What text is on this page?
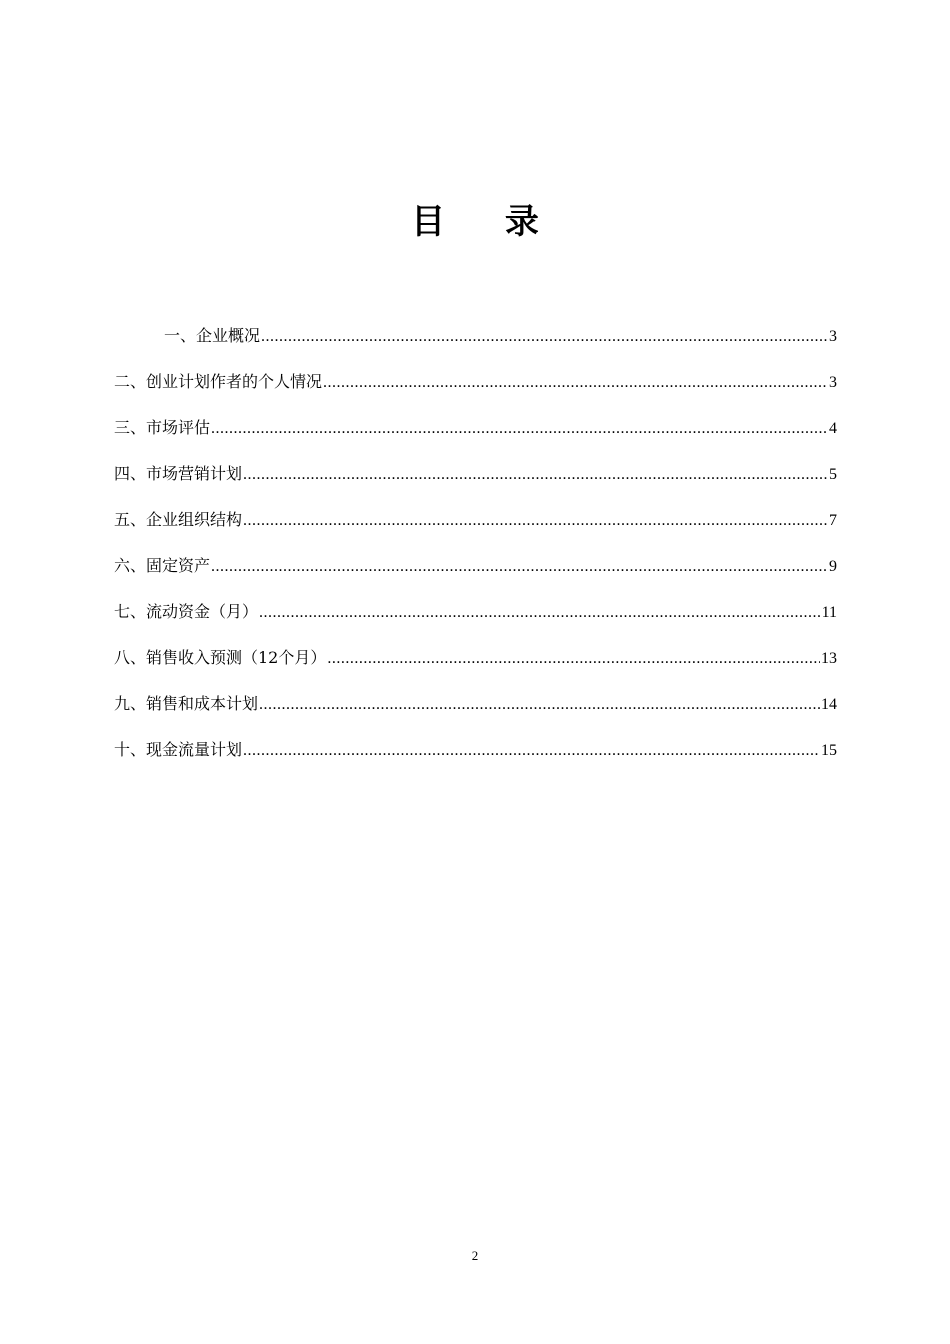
目 录
一、企业概况 .....	3
二、创业计划作者的个人情况 .....	3
三、市场评估 .....	4
四、市场营销计划 .....	5
五、企业组织结构 .....	7
六、固定资产 .....	9
七、流动资金（月） .....	11
八、销售收入预测（12个月） .....	13
九、销售和成本计划 .....	14
十、现金流量计划 .....	15
2
